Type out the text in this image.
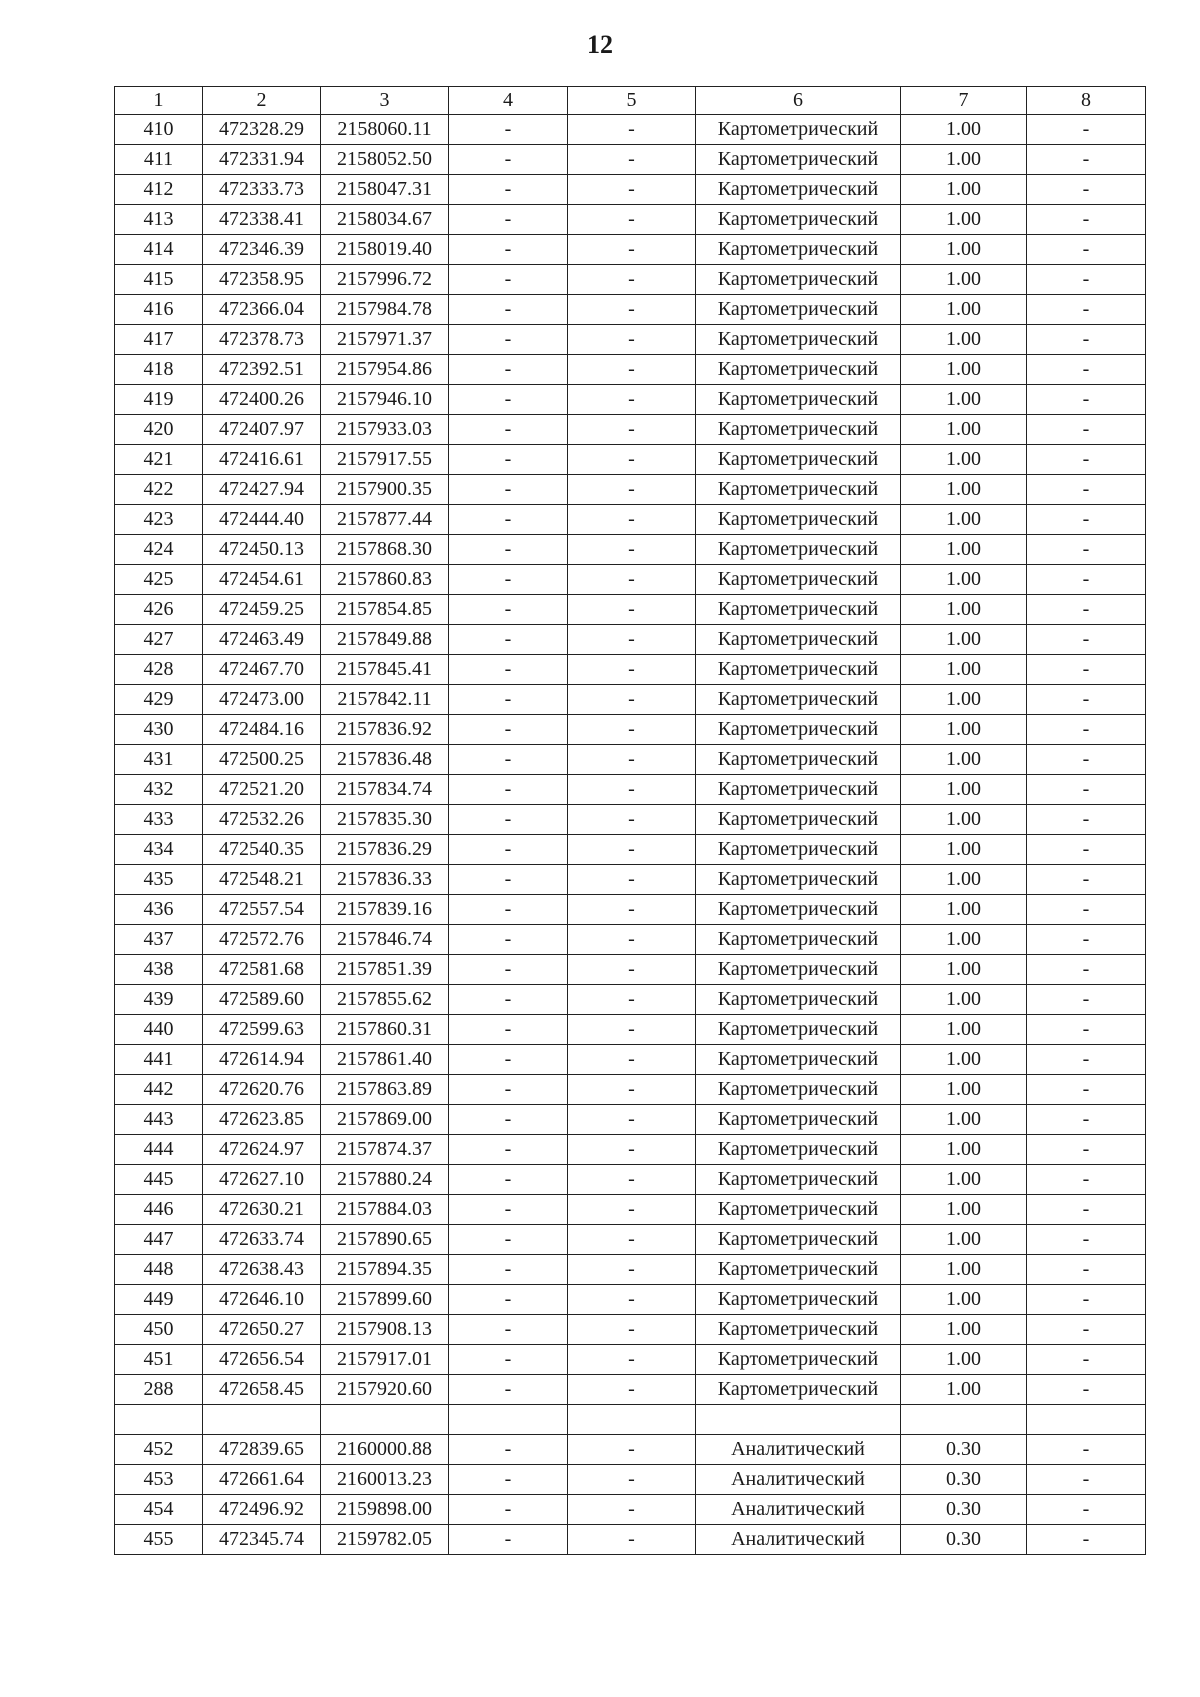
12
1	2	3	4	5	6	7	8
410	472328.29	2158060.11	-	-	Картометрический	1.00	-
411	472331.94	2158052.50	-	-	Картометрический	1.00	-
412	472333.73	2158047.31	-	-	Картометрический	1.00	-
413	472338.41	2158034.67	-	-	Картометрический	1.00	-
414	472346.39	2158019.40	-	-	Картометрический	1.00	-
415	472358.95	2157996.72	-	-	Картометрический	1.00	-
416	472366.04	2157984.78	-	-	Картометрический	1.00	-
417	472378.73	2157971.37	-	-	Картометрический	1.00	-
418	472392.51	2157954.86	-	-	Картометрический	1.00	-
419	472400.26	2157946.10	-	-	Картометрический	1.00	-
420	472407.97	2157933.03	-	-	Картометрический	1.00	-
421	472416.61	2157917.55	-	-	Картометрический	1.00	-
422	472427.94	2157900.35	-	-	Картометрический	1.00	-
423	472444.40	2157877.44	-	-	Картометрический	1.00	-
424	472450.13	2157868.30	-	-	Картометрический	1.00	-
425	472454.61	2157860.83	-	-	Картометрический	1.00	-
426	472459.25	2157854.85	-	-	Картометрический	1.00	-
427	472463.49	2157849.88	-	-	Картометрический	1.00	-
428	472467.70	2157845.41	-	-	Картометрический	1.00	-
429	472473.00	2157842.11	-	-	Картометрический	1.00	-
430	472484.16	2157836.92	-	-	Картометрический	1.00	-
431	472500.25	2157836.48	-	-	Картометрический	1.00	-
432	472521.20	2157834.74	-	-	Картометрический	1.00	-
433	472532.26	2157835.30	-	-	Картометрический	1.00	-
434	472540.35	2157836.29	-	-	Картометрический	1.00	-
435	472548.21	2157836.33	-	-	Картометрический	1.00	-
436	472557.54	2157839.16	-	-	Картометрический	1.00	-
437	472572.76	2157846.74	-	-	Картометрический	1.00	-
438	472581.68	2157851.39	-	-	Картометрический	1.00	-
439	472589.60	2157855.62	-	-	Картометрический	1.00	-
440	472599.63	2157860.31	-	-	Картометрический	1.00	-
441	472614.94	2157861.40	-	-	Картометрический	1.00	-
442	472620.76	2157863.89	-	-	Картометрический	1.00	-
443	472623.85	2157869.00	-	-	Картометрический	1.00	-
444	472624.97	2157874.37	-	-	Картометрический	1.00	-
445	472627.10	2157880.24	-	-	Картометрический	1.00	-
446	472630.21	2157884.03	-	-	Картометрический	1.00	-
447	472633.74	2157890.65	-	-	Картометрический	1.00	-
448	472638.43	2157894.35	-	-	Картометрический	1.00	-
449	472646.10	2157899.60	-	-	Картометрический	1.00	-
450	472650.27	2157908.13	-	-	Картометрический	1.00	-
451	472656.54	2157917.01	-	-	Картометрический	1.00	-
288	472658.45	2157920.60	-	-	Картометрический	1.00	-

452	472839.65	2160000.88	-	-	Аналитический	0.30	-
453	472661.64	2160013.23	-	-	Аналитический	0.30	-
454	472496.92	2159898.00	-	-	Аналитический	0.30	-
455	472345.74	2159782.05	-	-	Аналитический	0.30	-
